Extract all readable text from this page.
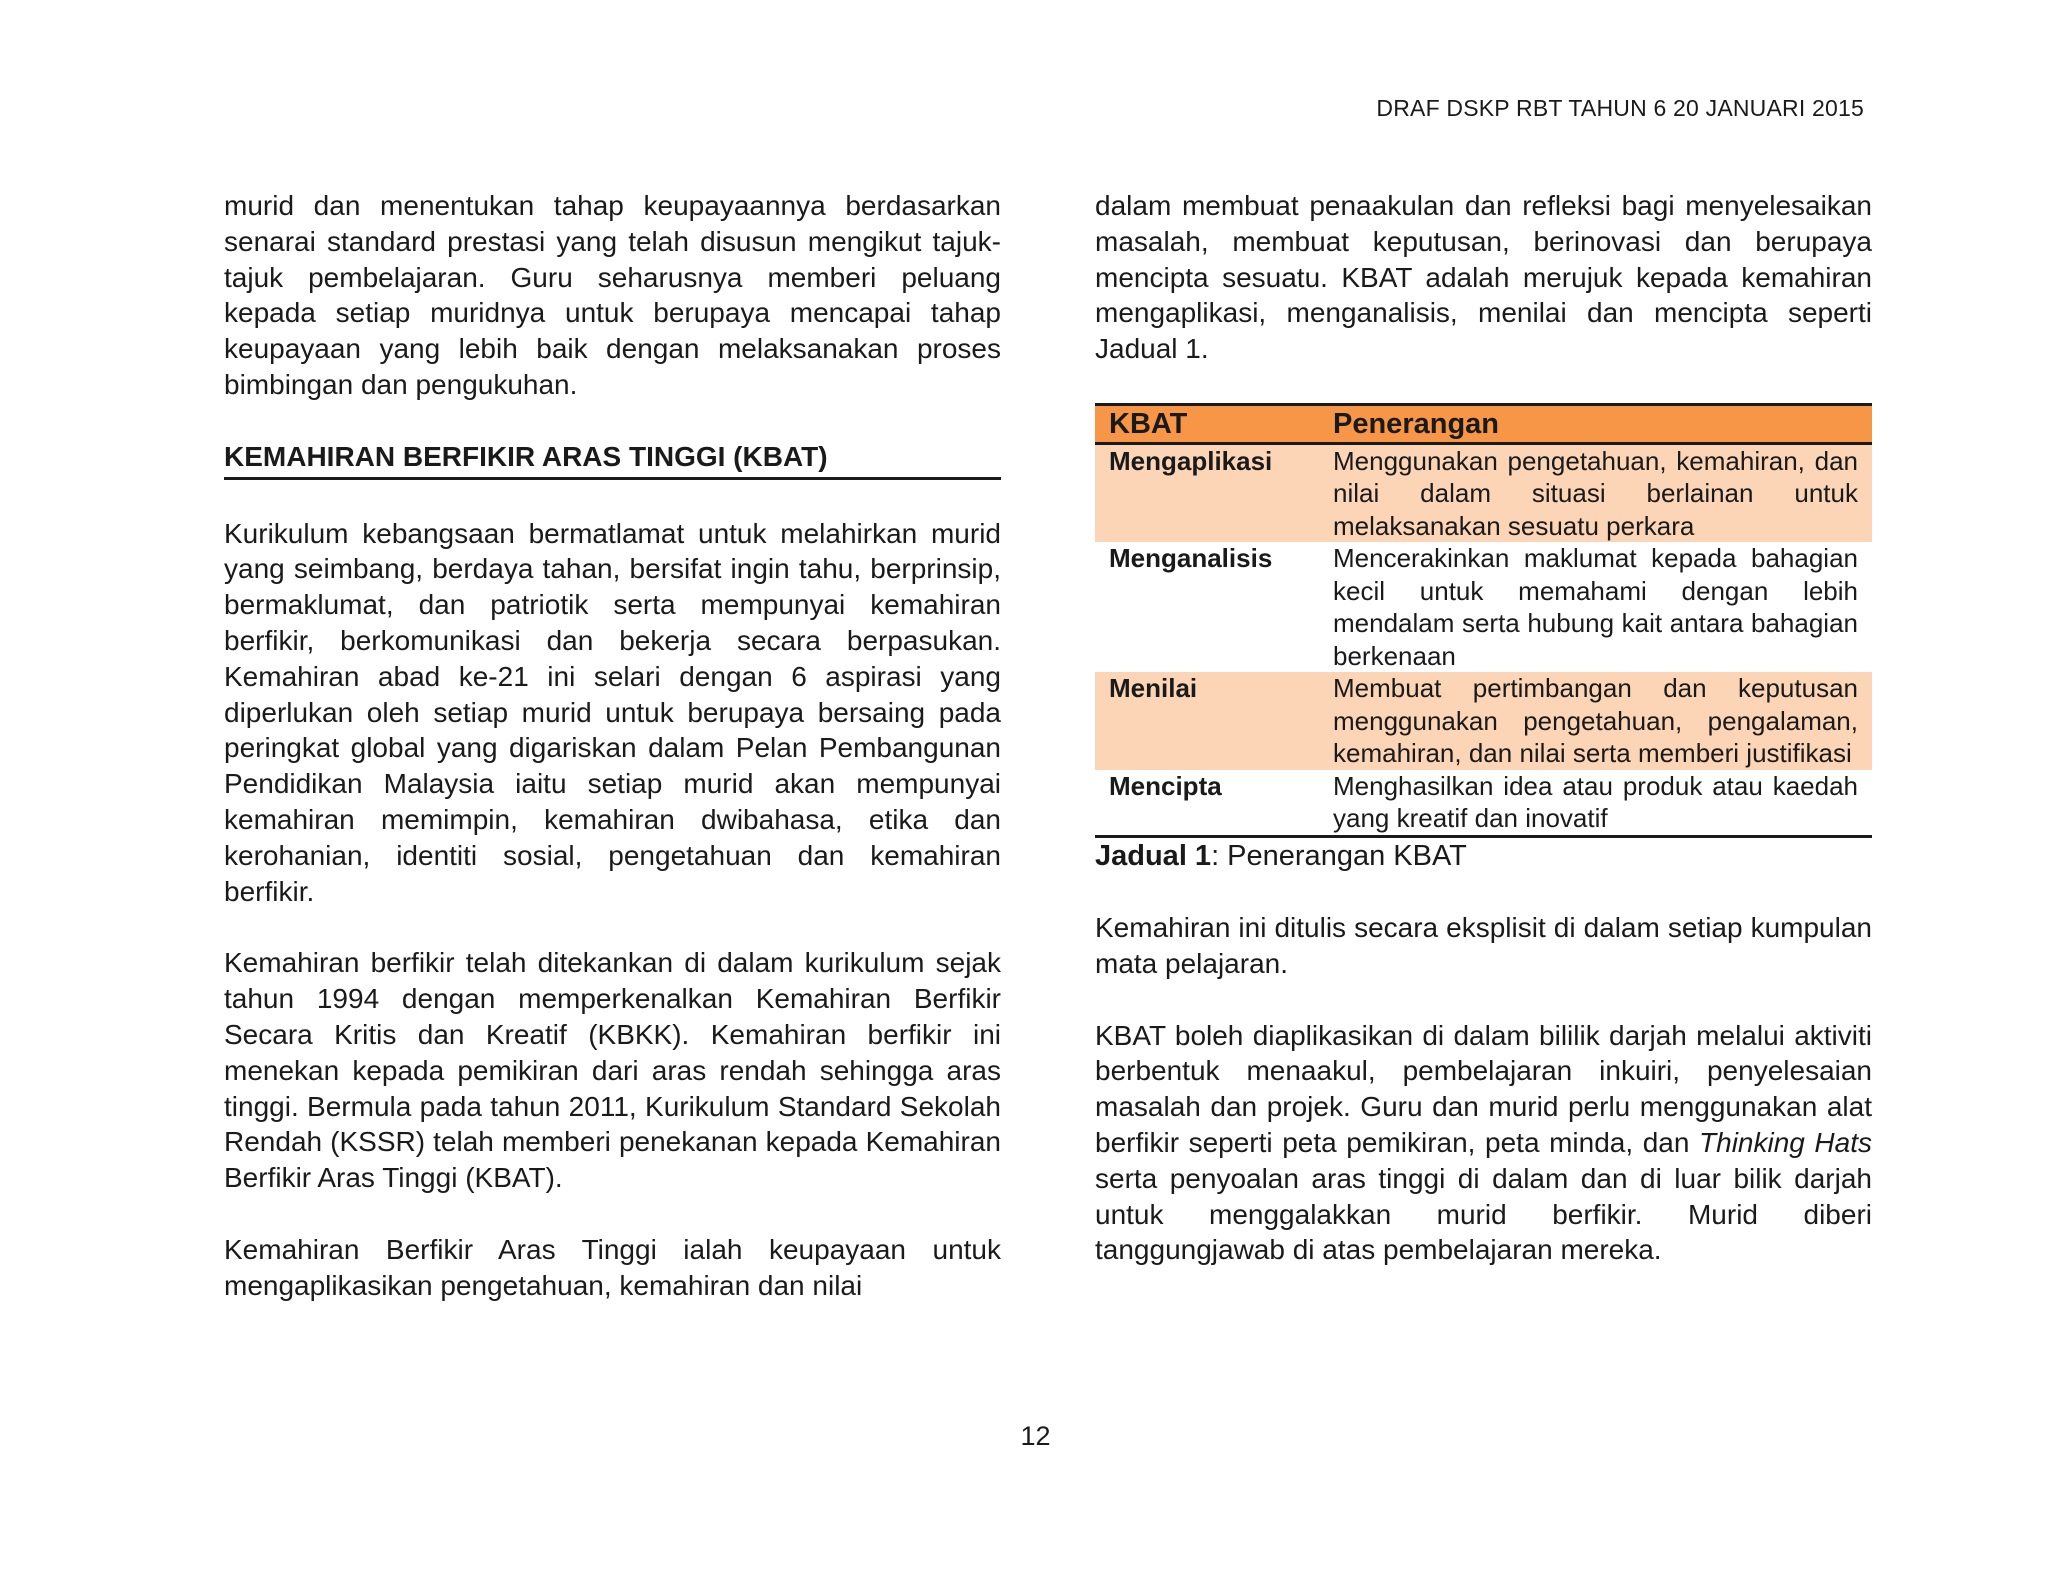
DRAF DSKP RBT TAHUN 6 20 JANUARI 2015

murid dan menentukan tahap keupayaannya berdasarkan senarai standard prestasi yang telah disusun mengikut tajuk-tajuk pembelajaran. Guru seharusnya memberi peluang kepada setiap muridnya untuk berupaya mencapai tahap keupayaan yang lebih baik dengan melaksanakan proses bimbingan dan pengukuhan.

KEMAHIRAN BERFIKIR ARAS TINGGI (KBAT)

Kurikulum kebangsaan bermatlamat untuk melahirkan murid yang seimbang, berdaya tahan, bersifat ingin tahu, berprinsip, bermaklumat, dan patriotik serta mempunyai kemahiran berfikir, berkomunikasi dan bekerja secara berpasukan. Kemahiran abad ke-21 ini selari dengan 6 aspirasi yang diperlukan oleh setiap murid untuk berupaya bersaing pada peringkat global yang digariskan dalam Pelan Pembangunan Pendidikan Malaysia iaitu setiap murid akan mempunyai kemahiran memimpin, kemahiran dwibahasa, etika dan kerohanian, identiti sosial, pengetahuan dan kemahiran berfikir.

Kemahiran berfikir telah ditekankan di dalam kurikulum sejak tahun 1994 dengan memperkenalkan Kemahiran Berfikir Secara Kritis dan Kreatif (KBKK). Kemahiran berfikir ini menekan kepada pemikiran dari aras rendah sehingga aras tinggi. Bermula pada tahun 2011, Kurikulum Standard Sekolah Rendah (KSSR) telah memberi penekanan kepada Kemahiran Berfikir Aras Tinggi (KBAT).

Kemahiran Berfikir Aras Tinggi ialah keupayaan untuk mengaplikasikan pengetahuan, kemahiran dan nilai

dalam membuat penaakulan dan refleksi bagi menyelesaikan masalah, membuat keputusan, berinovasi dan berupaya mencipta sesuatu. KBAT adalah merujuk kepada kemahiran mengaplikasi, menganalisis, menilai dan mencipta seperti Jadual 1.

KBAT	Penerangan
Mengaplikasi	Menggunakan pengetahuan, kemahiran, dan nilai dalam situasi berlainan untuk melaksanakan sesuatu perkara
Menganalisis	Mencerakinkan maklumat kepada bahagian kecil untuk memahami dengan lebih mendalam serta hubung kait antara bahagian berkenaan
Menilai	Membuat pertimbangan dan keputusan menggunakan pengetahuan, pengalaman, kemahiran, dan nilai serta memberi justifikasi
Mencipta	Menghasilkan idea atau produk atau kaedah yang kreatif dan inovatif

Jadual 1: Penerangan KBAT

Kemahiran ini ditulis secara eksplisit di dalam setiap kumpulan mata pelajaran.

KBAT boleh diaplikasikan di dalam bililik darjah melalui aktiviti berbentuk menaakul, pembelajaran inkuiri, penyelesaian masalah dan projek. Guru dan murid perlu menggunakan alat berfikir seperti peta pemikiran, peta minda, dan Thinking Hats serta penyoalan aras tinggi di dalam dan di luar bilik darjah untuk menggalakkan murid berfikir. Murid diberi tanggungjawab di atas pembelajaran mereka.

12
